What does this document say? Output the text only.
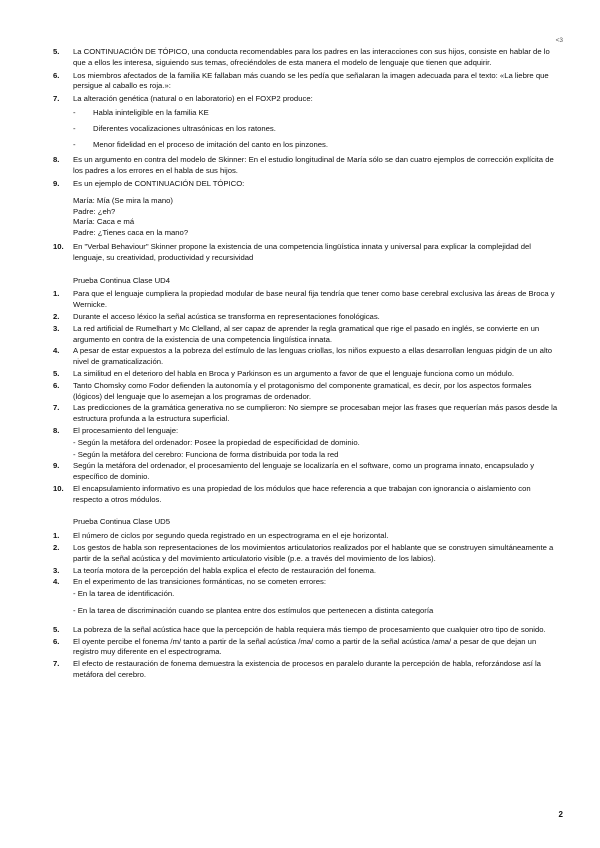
<3
5.	La CONTINUACIÓN DE TÓPICO, una conducta recomendables para los padres en las interacciones con sus hijos, consiste en hablar de lo que a ellos les interesa, siguiendo sus temas, ofreciéndoles de esta manera el modelo de lenguaje que tienen que adquirir.
6.	Los miembros afectados de la familia KE fallaban más cuando se les pedía que señalaran la imagen adecuada para el texto: «La liebre que persigue al caballo es roja.»:
7.	La alteración genética (natural o en laboratorio) en el FOXP2 produce:
-	Habla ininteligible en la familia KE
-	Diferentes vocalizaciones ultrasónicas en los ratones.
-	Menor fidelidad en el proceso de imitación del canto en los pinzones.
8.	Es un argumento en contra del modelo de Skinner: En el estudio longitudinal de María sólo se dan cuatro ejemplos de corrección explícita de los padres a los errores en el habla de sus hijos.
9.	Es un ejemplo de CONTINUACIÓN DEL TÓPICO:
María: Mía (Se mira la mano)
Padre: ¿eh?
María: Caca e má
Padre: ¿Tienes caca en la mano?
10.	En "Verbal Behaviour" Skinner propone la existencia de una competencia lingüística innata y universal para explicar la complejidad del lenguaje, su creatividad, productividad y recursividad
Prueba Continua Clase UD4
1.	Para que el lenguaje cumpliera la propiedad modular de base neural fija tendría que tener como base cerebral exclusiva las áreas de Broca y Wernicke.
2.	Durante el acceso léxico la señal acústica se transforma en representaciones fonológicas.
3.	La red artificial de Rumelhart y Mc Clelland, al ser capaz de aprender la regla gramatical que rige el pasado en inglés, se convierte en un argumento en contra de la existencia de una competencia lingüística innata.
4.	A pesar de estar expuestos a la pobreza del estímulo de las lenguas criollas, los niños expuesto a ellas desarrollan lenguas pidgin de un alto nivel de gramaticalización.
5.	La similitud en el deterioro del habla en Broca y Parkinson es un argumento a favor de que el lenguaje funciona como un módulo.
6.	Tanto Chomsky como Fodor defienden la autonomía y el protagonismo del componente gramatical, es decir, por los aspectos formales (lógicos) del lenguaje que lo asemejan a los programas de ordenador.
7.	Las predicciones de la gramática generativa no se cumplieron: No siempre se procesaban mejor las frases que requerían más pasos desde la estructura profunda a la estructura superficial.
8.	El procesamiento del lenguaje:
- Según la metáfora del ordenador: Posee la propiedad de especificidad de dominio.
- Según la metáfora del cerebro: Funciona de forma distribuida por toda la red
9.	Según la metáfora del ordenador, el procesamiento del lenguaje se localizaría en el software, como un programa innato, encapsulado y específico de dominio.
10.	El encapsulamiento informativo es una propiedad de los módulos que hace referencia a que trabajan con ignorancia o aislamiento con respecto a otros módulos.
Prueba Continua Clase UD5
1.	El número de ciclos por segundo queda registrado en un espectrograma en el eje horizontal.
2.	Los gestos de habla son representaciones de los movimientos articulatorios realizados por el hablante que se construyen simultáneamente a partir de la señal acústica y del movimiento articulatorio visible (p.e. a través del movimiento de los labios).
3.	La teoría motora de la percepción del habla explica el efecto de restauración del fonema.
4.	En el experimento de las transiciones formánticas, no se cometen errores:
- En la tarea de identificación.
- En la tarea de discriminación cuando se plantea entre dos estímulos que pertenecen a distinta categoría
5.	La pobreza de la señal acústica hace que la percepción de habla requiera más tiempo de procesamiento que cualquier otro tipo de sonido.
6.	El oyente percibe el fonema /m/ tanto a partir de la señal acústica /ma/ como a partir de la señal acústica /ama/ a pesar de que dejan un registro muy diferente en el espectrograma.
7.	El efecto de restauración de fonema demuestra la existencia de procesos en paralelo durante la percepción de habla, reforzándose así la metáfora del cerebro.
2
